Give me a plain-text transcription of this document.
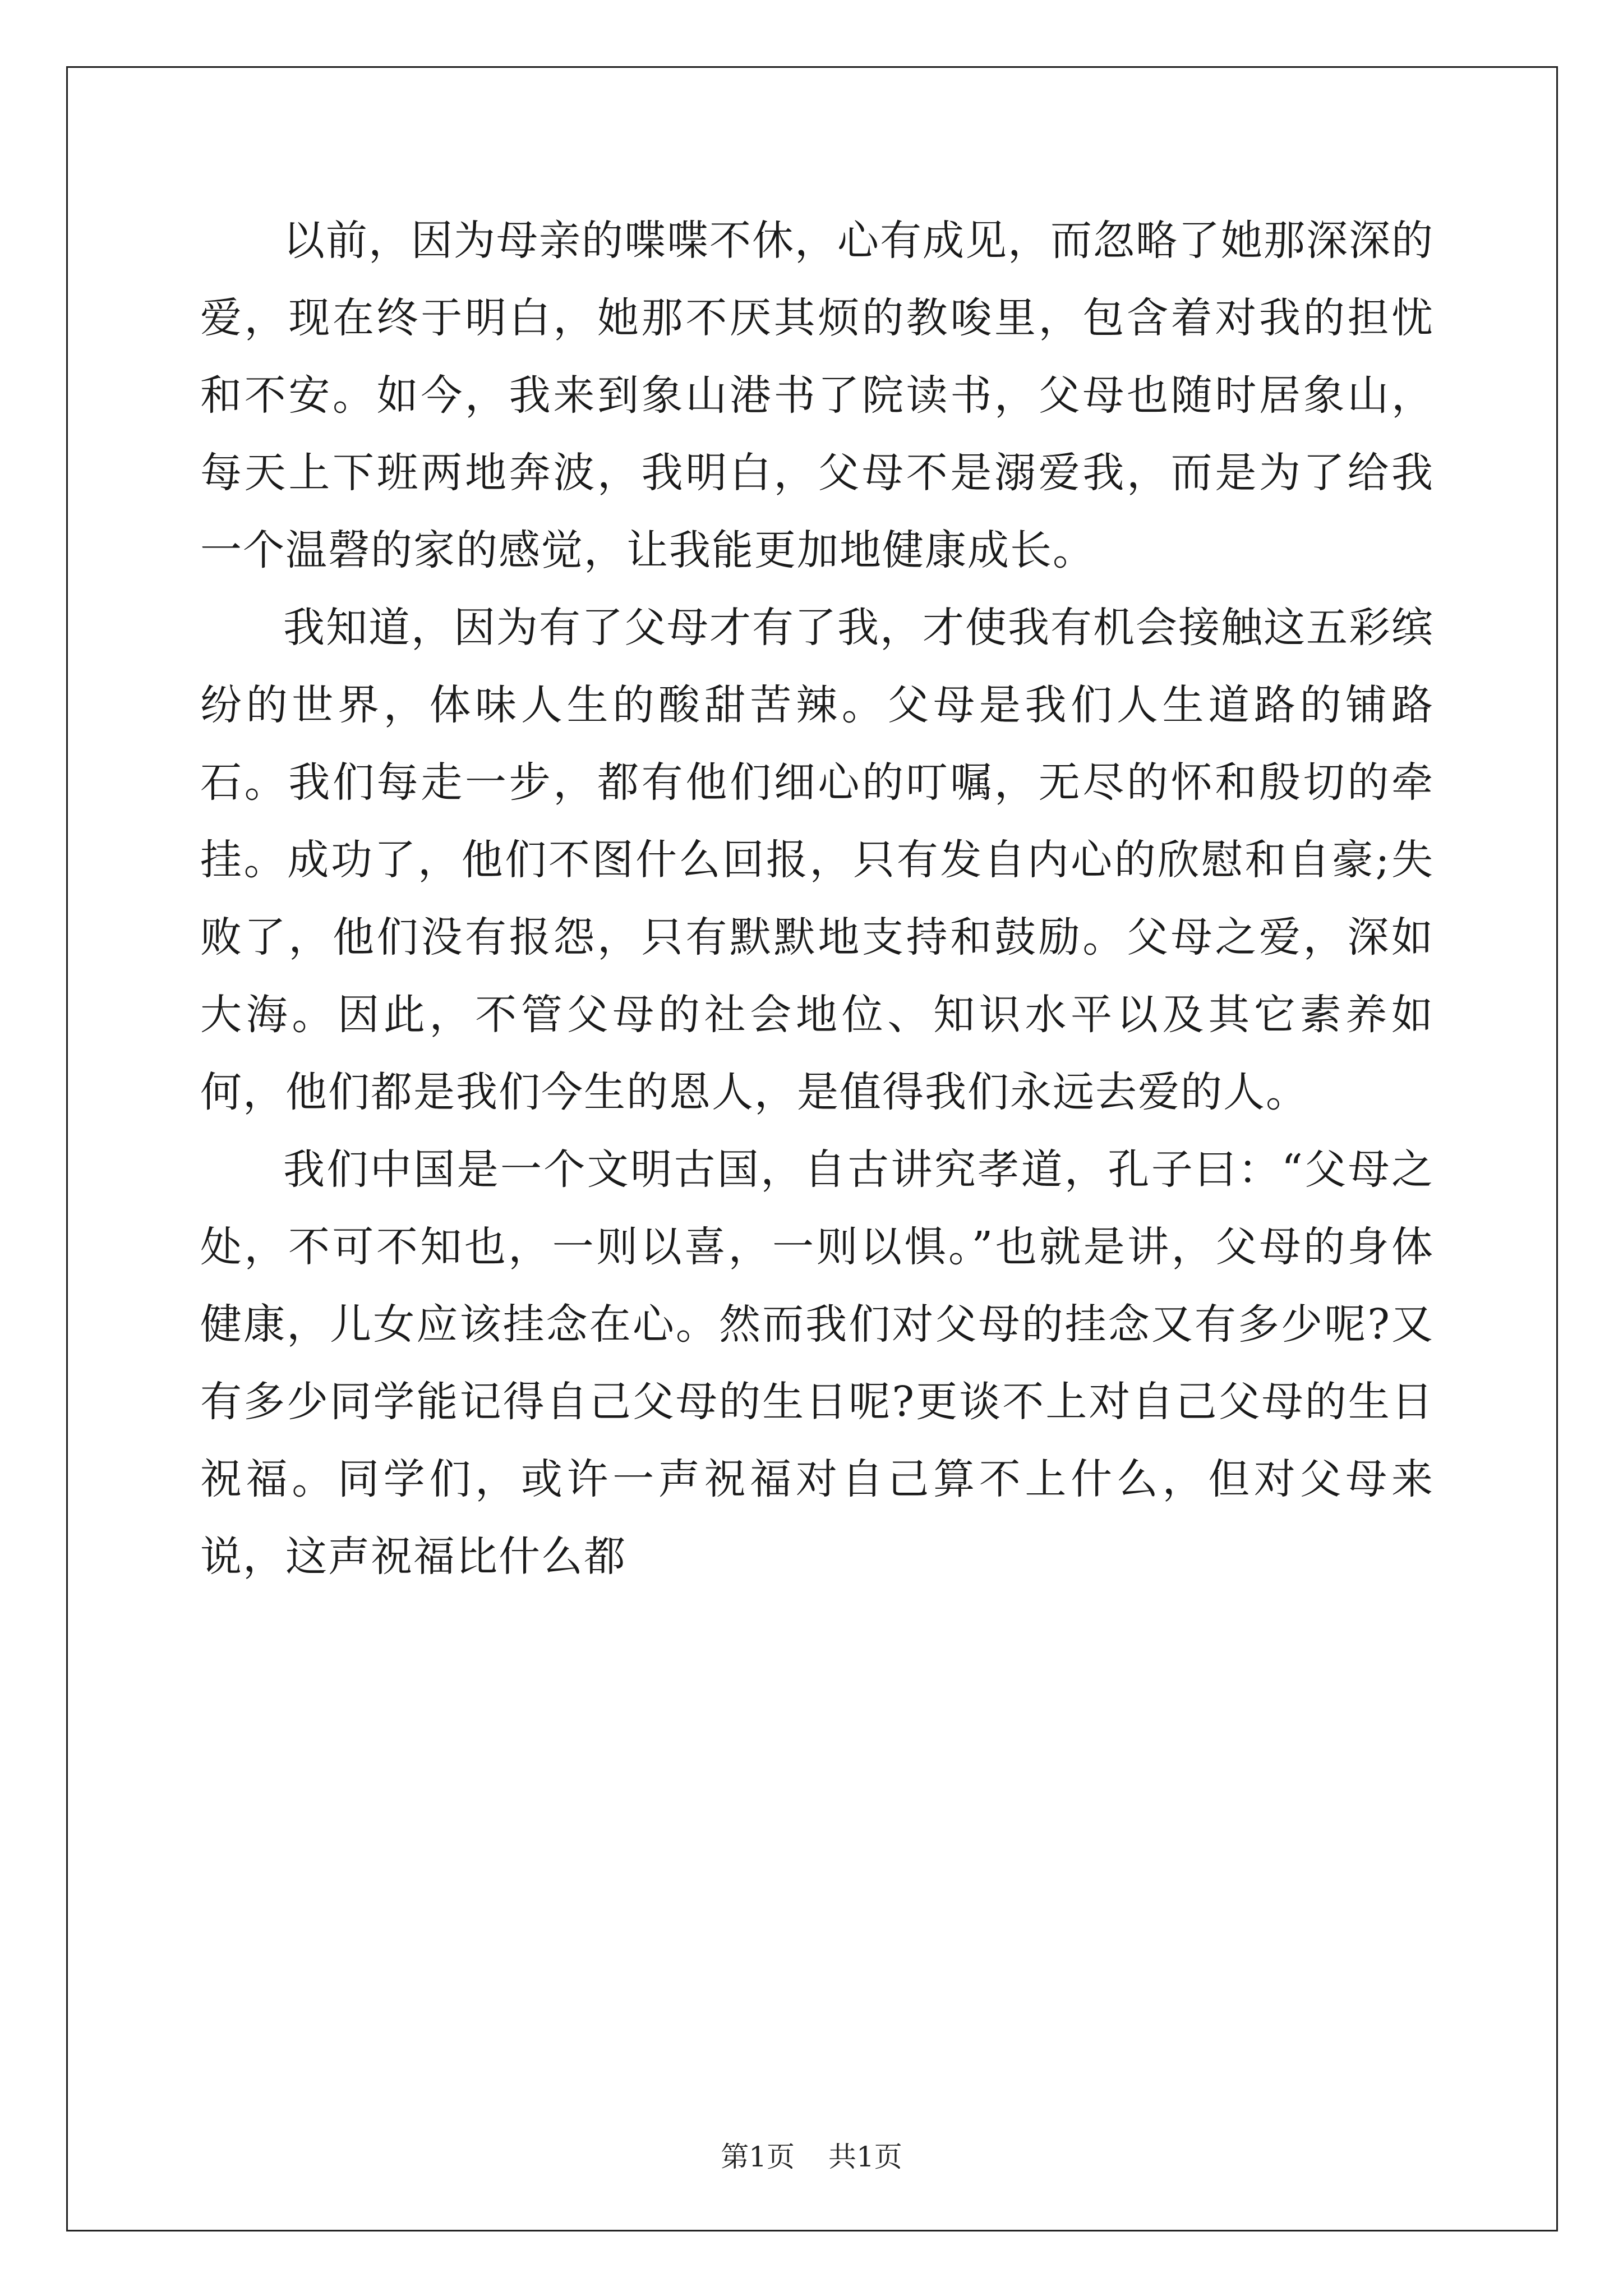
以前，因为母亲的喋喋不休，心有成见，而忽略了她那深深的爱，现在终于明白，她那不厌其烦的教唆里，包含着对我的担忧和不安。如今，我来到象山港书了院读书，父母也随时居象山，每天上下班两地奔波，我明白，父母不是溺爱我，而是为了给我一个温磬的家的感觉，让我能更加地健康成长。

我知道，因为有了父母才有了我，才使我有机会接触这五彩缤纷的世界，体味人生的酸甜苦辣。父母是我们人生道路的铺路石。我们每走一步，都有他们细心的叮嘱，无尽的怀和殷切的牵挂。成功了，他们不图什么回报，只有发自内心的欣慰和自豪;失败了，他们没有报怨，只有默默地支持和鼓励。父母之爱，深如大海。因此，不管父母的社会地位、知识水平以及其它素养如何，他们都是我们今生的恩人，是值得我们永远去爱的人。

我们中国是一个文明古国，自古讲究孝道，孔子曰：“父母之处，不可不知也，一则以喜，一则以惧。”也就是讲，父母的身体健康，儿女应该挂念在心。然而我们对父母的挂念又有多少呢?又有多少同学能记得自己父母的生日呢?更谈不上对自己父母的生日祝福。同学们，或许一声祝福对自己算不上什么，但对父母来说，这声祝福比什么都

第1页 共1页
